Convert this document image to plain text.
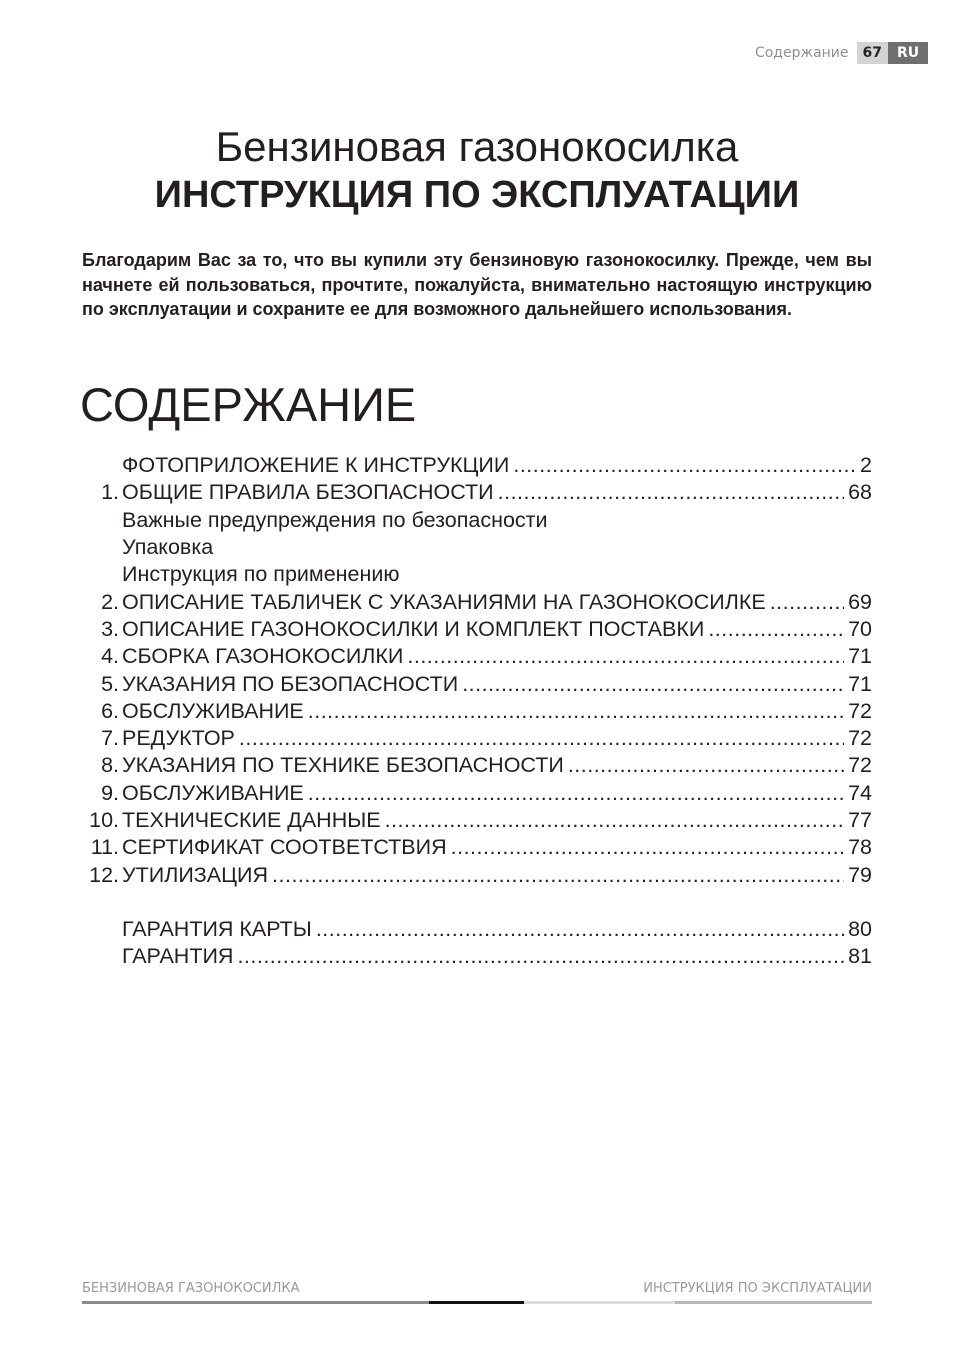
Содержание	67	RU
Бензиновая газонокосилка
ИНСТРУКЦИЯ ПО ЭКСПЛУАТАЦИИ

Благодарим Вас за то, что вы купили эту бензиновую газонокосилку. Прежде, чем вы начнете ей пользоваться, прочтите, пожалуйста, внимательно настоящую инструкцию по эксплуатации и сохраните ее для возможного дальнейшего использования.

СОДЕРЖАНИЕ
ФОТОПРИЛОЖЕНИЕ К ИНСТРУКЦИИ .....	2
1. ОБЩИЕ ПРАВИЛА БЕЗОПАСНОСТИ .....	68
Важные предупреждения по безопасности
Упаковка
Инструкция по применению
2. ОПИСАНИЕ ТАБЛИЧЕК С УКАЗАНИЯМИ НА ГАЗОНОКОСИЛКЕ .....	69
3. ОПИСАНИЕ ГАЗОНОКОСИЛКИ И КОМПЛЕКТ ПОСТАВКИ .....	70
4. СБОРКА ГАЗОНОКОСИЛКИ .....	71
5. УКАЗАНИЯ ПО БЕЗОПАСНОСТИ .....	71
6. ОБСЛУЖИВАНИЕ .....	72
7. РЕДУКТОР .....	72
8. УКАЗАНИЯ ПО ТЕХНИКЕ БЕЗОПАСНОСТИ .....	72
9. ОБСЛУЖИВАНИЕ .....	74
10. ТЕХНИЧЕСКИЕ ДАННЫЕ .....	77
11. СЕРТИФИКАТ СООТВЕТСТВИЯ .....	78
12. УТИЛИЗАЦИЯ .....	79
ГАРАНТИЯ КАРТЫ .....	80
ГАРАНТИЯ .....	81
БЕНЗИНОВАЯ ГАЗОНОКОСИЛКА	ИНСТРУКЦИЯ ПО ЭКСПЛУАТАЦИИ
